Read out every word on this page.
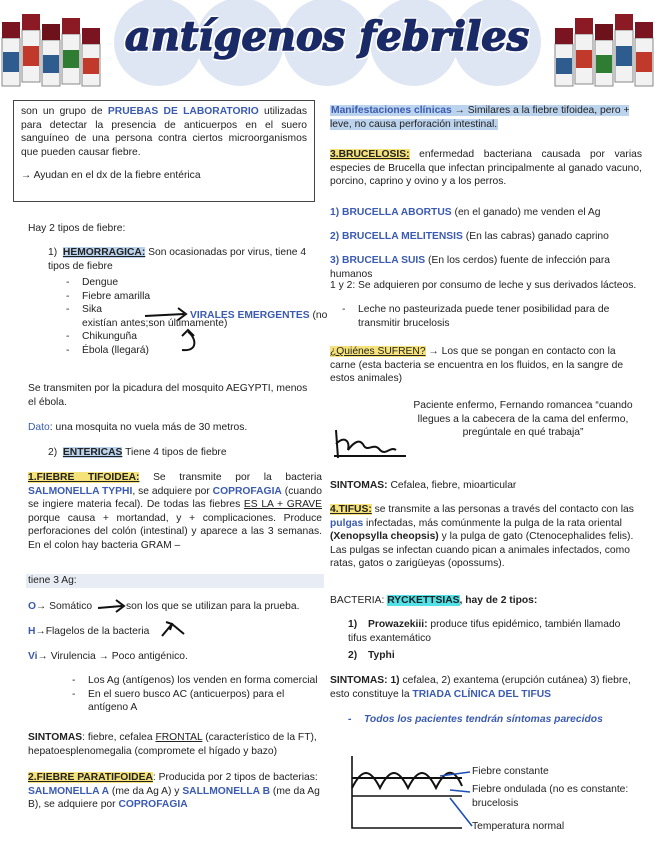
antígenos febriles
son un grupo de PRUEBAS DE LABORATORIO utilizadas para detectar la presencia de anticuerpos en el suero sanguíneo de una persona contra ciertos microorganismos que pueden causar fiebre.
→ Ayudan en el dx de la fiebre entérica
Hay 2 tipos de fiebre:
1) HEMORRAGICA: Son ocasionadas por virus, tiene 4 tipos de fiebre
- Dengue
- Fiebre amarilla
- Sika
existían antes;son últimamente)
- Chikunguña
- Ébola (llegará)
VIRALES EMERGENTES (no
Se transmiten por la picadura del mosquito AEGYPTI, menos el ébola.
Dato: una mosquita no vuela más de 30 metros.
2) ENTERICAS Tiene 4 tipos de fiebre
1.FIEBRE TIFOIDEA: Se transmite por la bacteria SALMONELLA TYPHI, se adquiere por COPROFAGIA (cuando se ingiere materia fecal). De todas las fiebres ES LA + GRAVE porque causa + mortandad, y + complicaciones. Produce perforaciones del colón (intestinal) y aparece a las 3 semanas. En el colon hay bacteria GRAM –
tiene 3 Ag:
O→ Somático	son los que se utilizan para la prueba.
H→Flagelos de la bacteria
Vi→ Virulencia → Poco antigénico.
- Los Ag (antígenos) los venden en forma comercial
- En el suero busco AC (anticuerpos) para el antígeno A
SINTOMAS: fiebre, cefalea FRONTAL (característico de la FT), hepatoesplenomegalia (compromete el hígado y bazo)
2.FIEBRE PARATIFOIDEA: Producida por 2 tipos de bacterias: SALMONELLA A (me da Ag A) y SALLMONELLA B (me da Ag B), se adquiere por COPROFAGIA
Manifestaciones clínicas → Similares a la fiebre tifoidea, pero + leve, no causa perforación intestinal.
3.BRUCELOSIS: enfermedad bacteriana causada por varias especies de Brucella que infectan principalmente al ganado vacuno, porcino, caprino y ovino y a los perros.
1) BRUCELLA ABORTUS (en el ganado) me venden el Ag
2) BRUCELLA MELITENSIS (En las cabras) ganado caprino
3) BRUCELLA SUIS (En los cerdos) fuente de infección para humanos
1 y 2: Se adquieren por consumo de leche y sus derivados lácteos.
- Leche no pasteurizada puede tener posibilidad para de transmitir brucelosis
¿Quiénes SUFREN? → Los que se pongan en contacto con la carne (esta bacteria se encuentra en los fluidos, en la sangre de estos animales)
Paciente enfermo, Fernando romancea “cuando llegues a la cabecera de la cama del enfermo, pregúntale en qué trabaja”
SINTOMAS: Cefalea, fiebre, mioarticular
4.TIFUS: se transmite a las personas a través del contacto con las pulgas infectadas, más comúnmente la pulga de la rata oriental (Xenopsylla cheopsis) y la pulga de gato (Ctenocephalides felis). Las pulgas se infectan cuando pican a animales infectados, como ratas, gatos o zarigüeyas (opossums).
BACTERIA: RYCKETTSIAS, hay de 2 tipos:
1) Prowazekiii: produce tifus epidémico, también llamado tifus exantemático
2) Typhi
SINTOMAS: 1) cefalea, 2) exantema (erupción cutánea) 3) fiebre, esto constituye la TRIADA CLÍNICA DEL TIFUS
- Todos los pacientes tendrán síntomas parecidos
Fiebre constante
Fiebre ondulada (no es constante: brucelosis
Temperatura normal
